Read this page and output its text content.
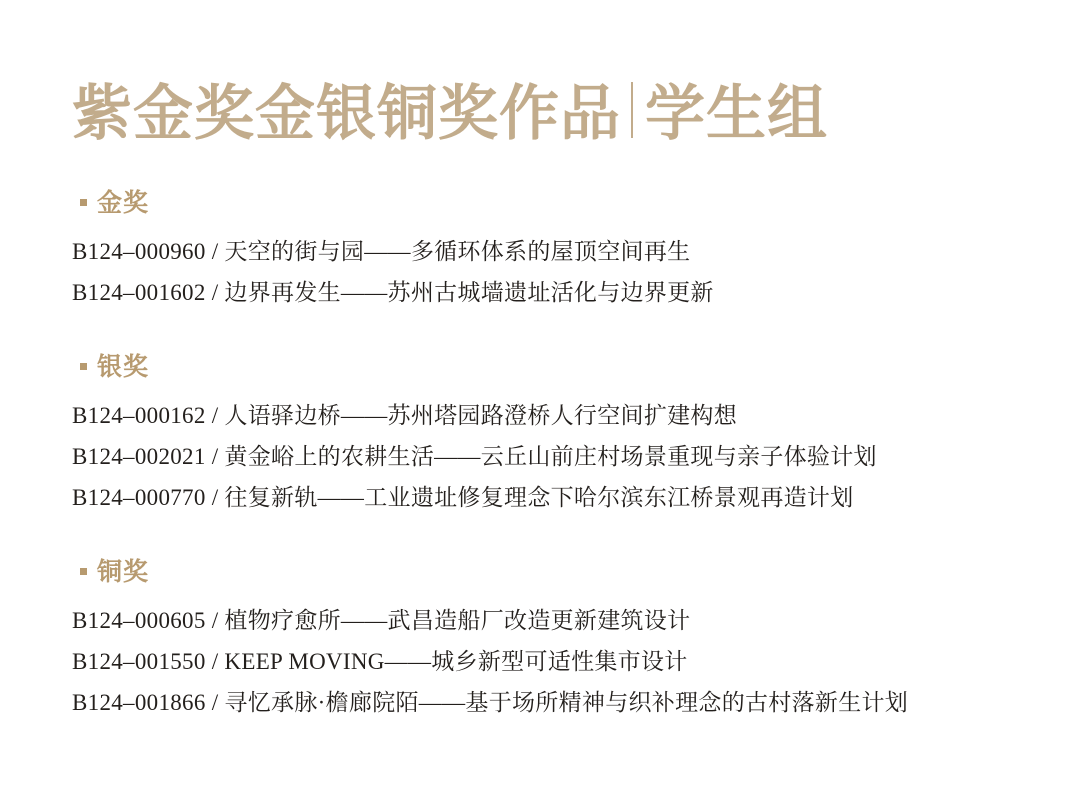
紫金奖金银铜奖作品 学生组
金奖
B124–000960 / 天空的街与园——多循环体系的屋顶空间再生
B124–001602 / 边界再发生——苏州古城墙遗址活化与边界更新
银奖
B124–000162 / 人语驿边桥——苏州塔园路澄桥人行空间扩建构想
B124–002021 / 黄金峪上的农耕生活——云丘山前庄村场景重现与亲子体验计划
B124–000770 / 往复新轨——工业遗址修复理念下哈尔滨东江桥景观再造计划
铜奖
B124–000605 / 植物疗愈所——武昌造船厂改造更新建筑设计
B124–001550 / KEEP MOVING——城乡新型可适性集市设计
B124–001866 / 寻忆承脉·檐廊院陌——基于场所精神与织补理念的古村落新生计划
